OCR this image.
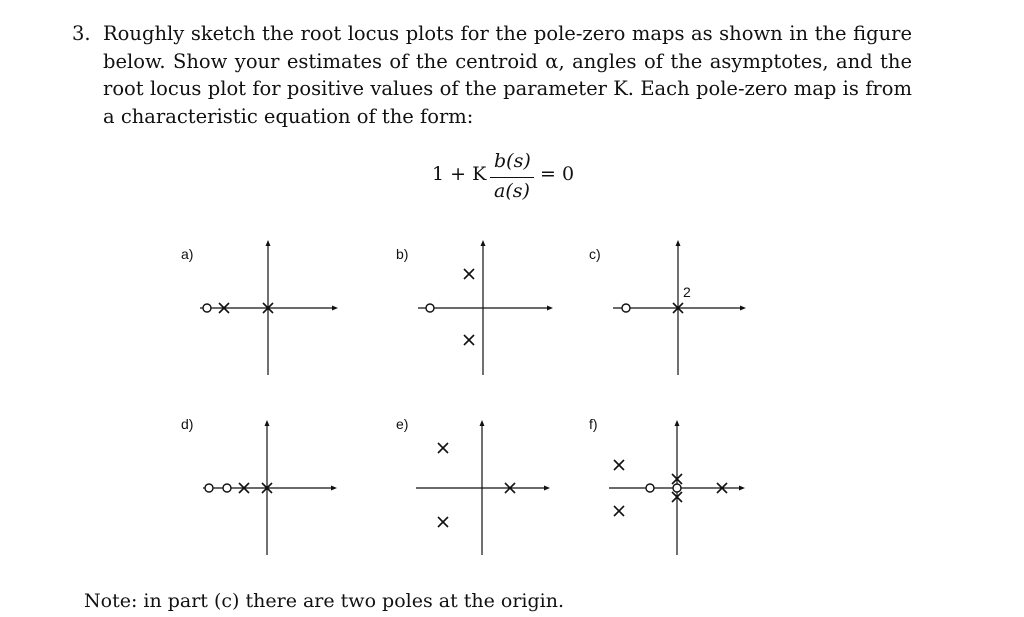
3. Roughly sketch the root locus plots for the pole-zero maps as shown in the figure below. Show your estimates of the centroid α, angles of the asymptotes, and the root locus plot for positive values of the parameter K. Each pole-zero map is from a characteristic equation of the form:
1 + K
b(s)
a(s)
= 0
a)	b)	c)
2
d)	e)	f)
Note: in part (c) there are two poles at the origin.
